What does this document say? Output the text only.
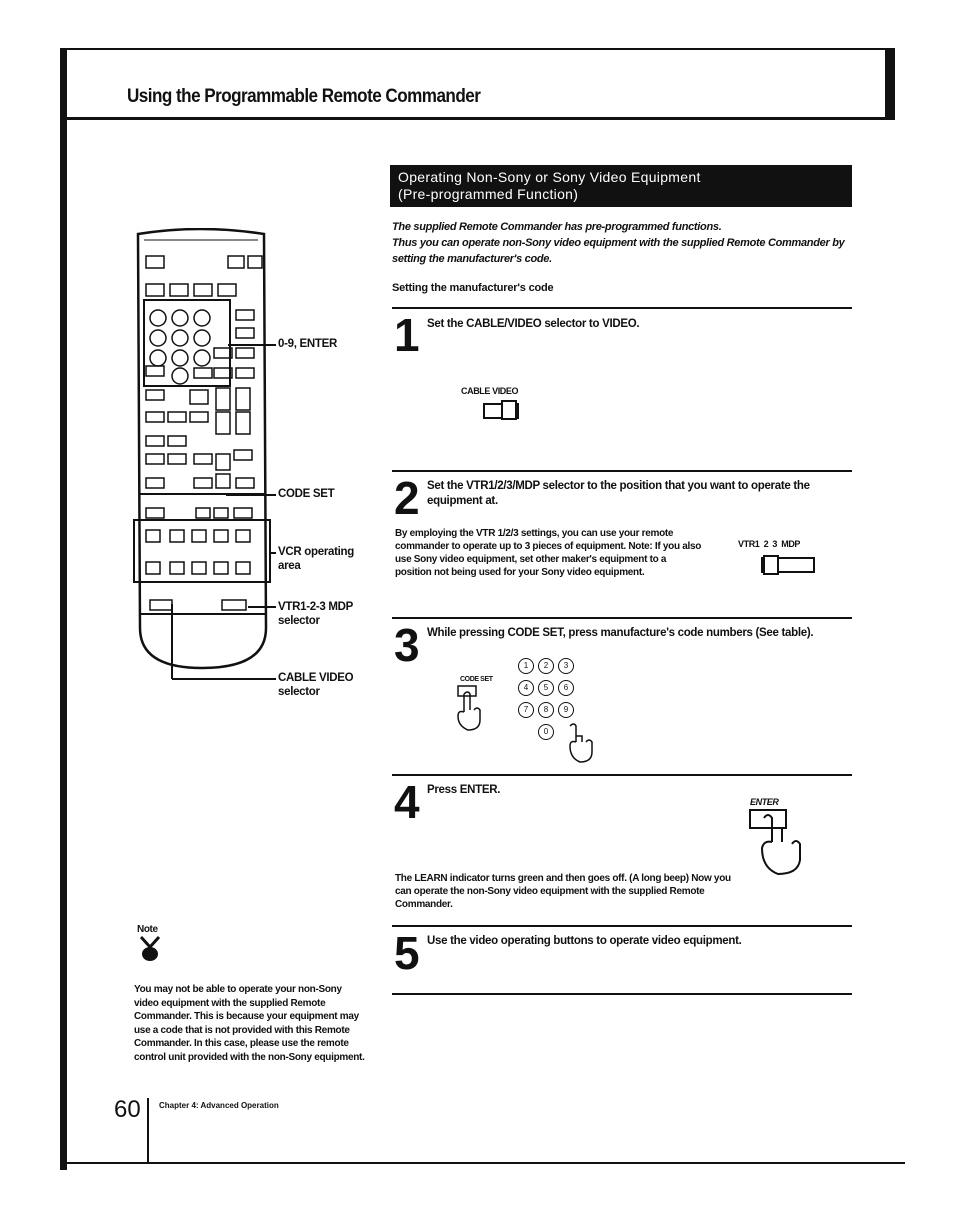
Using the Programmable Remote Commander
Operating Non-Sony or Sony Video Equipment
(Pre-programmed Function)
The supplied Remote Commander has pre-programmed functions.
Thus you can operate non-Sony video equipment with the supplied Remote Commander by setting the manufacturer's code.
Setting the manufacturer's code
0-9, ENTER
CODE SET
VCR operating
area
VTR1-2-3 MDP
selector
CABLE VIDEO
selector
1 Set the CABLE/VIDEO selector to VIDEO.
CABLE VIDEO
2 Set the VTR1/2/3/MDP selector to the position that you want to operate the equipment at.
By employing the VTR 1/2/3 settings, you can use your remote commander to operate up to 3 pieces of equipment. Note: If you also use Sony video equipment, set other maker's equipment to a position not being used for your Sony video equipment.
VTR1  2  3  MDP
3 While pressing CODE SET, press manufacture's code numbers (See table).
CODE SET
1 2 3
4 5 6
7 8 9
0
4 Press ENTER.
ENTER
The LEARN indicator turns green and then goes off. (A long beep) Now you can operate the non-Sony video equipment with the supplied Remote Commander.
5 Use the video operating buttons to operate video equipment.
Note
You may not be able to operate your non-Sony video equipment with the supplied Remote Commander. This is because your equipment may use a code that is not provided with this Remote Commander. In this case, please use the remote control unit provided with the non-Sony equipment.
60 Chapter 4: Advanced Operation
